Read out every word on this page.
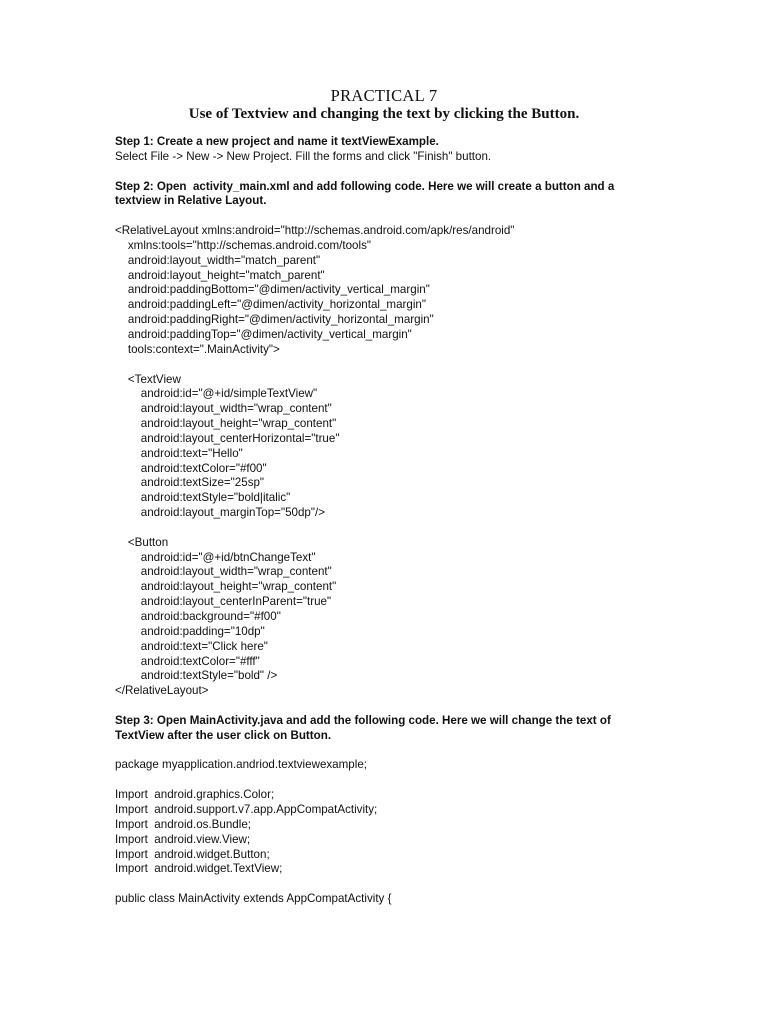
PRACTICAL 7
Use of Textview and changing the text by clicking the Button.
Step 1: Create a new project and name it textViewExample.
Select File -> New -> New Project. Fill the forms and click "Finish" button.
Step 2: Open  activity_main.xml and add following code. Here we will create a button and a
textview in Relative Layout.
<RelativeLayout xmlns:android="http://schemas.android.com/apk/res/android"
xmlns:tools="http://schemas.android.com/tools"
android:layout_width="match_parent"
android:layout_height="match_parent"
android:paddingBottom="@dimen/activity_vertical_margin"
android:paddingLeft="@dimen/activity_horizontal_margin"
android:paddingRight="@dimen/activity_horizontal_margin"
android:paddingTop="@dimen/activity_vertical_margin"
tools:context=".MainActivity">
<TextView
android:id="@+id/simpleTextView"
android:layout_width="wrap_content"
android:layout_height="wrap_content"
android:layout_centerHorizontal="true"
android:text="Hello"
android:textColor="#f00"
android:textSize="25sp"
android:textStyle="bold|italic"
android:layout_marginTop="50dp"/>
<Button
android:id="@+id/btnChangeText"
android:layout_width="wrap_content"
android:layout_height="wrap_content"
android:layout_centerInParent="true"
android:background="#f00"
android:padding="10dp"
android:text="Click here"
android:textColor="#fff"
android:textStyle="bold" />
</RelativeLayout>
Step 3: Open MainActivity.java and add the following code. Here we will change the text of
TextView after the user click on Button.
package myapplication.andriod.textviewexample;
Import  android.graphics.Color;
Import  android.support.v7.app.AppCompatActivity;
Import  android.os.Bundle;
Import  android.view.View;
Import  android.widget.Button;
Import  android.widget.TextView;
public class MainActivity extends AppCompatActivity {
